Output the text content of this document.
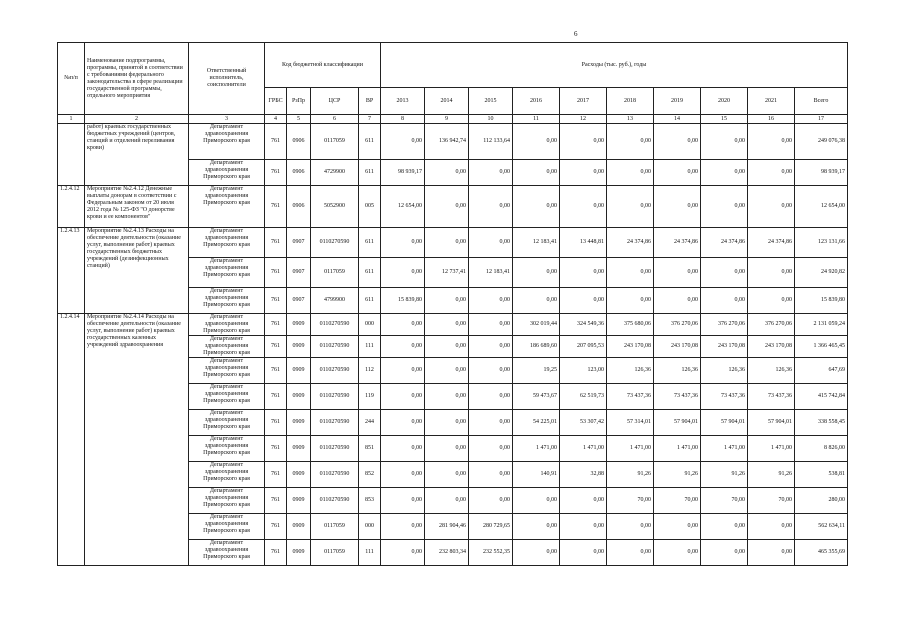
6
№п/п	Наименование подпрограммы, программы, принятой в соответствии с требованиями федерального законодательства в сфере реализации государственной программы, отдельного мероприятия	Ответственный исполнитель, соисполнители	Код бюджетной классификации				Расходы (тыс. руб.), годы									
			ГРБС	РзПр	ЦСР	ВР	2013	2014	2015	2016	2017	2018	2019	2020	2021	Всего
1	2	3	4	5	6	7	8	9	10	11	12	13	14	15	16	17
	работ) краевых государственных бюджетных учреждений (центров, станций и отделений переливания крови)	Департамент здравоохранения Приморского края	761	0906	0117059	611	0,00	136 942,74	112 133,64	0,00	0,00	0,00	0,00	0,00	0,00	249 076,38
		Департамент здравоохранения Приморского края	761	0906	4729900	611	98 939,17	0,00	0,00	0,00	0,00	0,00	0,00	0,00	0,00	98 939,17
1.2.4.12	Мероприятие №2.4.12 Денежные выплаты донорам в соответствии с Федеральным законом от 20 июля 2012 года № 125-ФЗ "О донорстве крови и ее компонентов"	Департамент здравоохранения Приморского края	761	0906	5052900	005	12 654,00	0,00	0,00	0,00	0,00	0,00	0,00	0,00	0,00	12 654,00
1.2.4.13	Мероприятие №2.4.13 Расходы на обеспечение деятельности (оказание услуг, выполнение работ) краевых государственных бюджетных учреждений (дезинфекционных станций)	Департамент здравоохранения Приморского края	761	0907	0110270590	611	0,00	0,00	0,00	12 183,41	13 448,81	24 374,86	24 374,86	24 374,86	24 374,86	123 131,66
		Департамент здравоохранения Приморского края	761	0907	0117059	611	0,00	12 737,41	12 183,41	0,00	0,00	0,00	0,00	0,00	0,00	24 920,82
		Департамент здравоохранения Приморского края	761	0907	4799900	611	15 839,80	0,00	0,00	0,00	0,00	0,00	0,00	0,00	0,00	15 839,80
1.2.4.14	Мероприятие №2.4.14 Расходы на обеспечение деятельности (оказание услуг, выполнение работ) краевых государственных казенных учреждений здравоохранения	Департамент здравоохранения Приморского края	761	0909	0110270590	000	0,00	0,00	0,00	302 019,44	324 549,36	375 680,06	376 270,06	376 270,06	376 270,06	2 131 059,24
		Департамент здравоохранения Приморского края	761	0909	0110270590	111	0,00	0,00	0,00	186 689,60	207 095,53	243 170,08	243 170,08	243 170,08	243 170,08	1 366 465,45
		Департамент здравоохранения Приморского края	761	0909	0110270590	112	0,00	0,00	0,00	19,25	123,00	126,36	126,36	126,36	126,36	647,69
		Департамент здравоохранения Приморского края	761	0909	0110270590	119	0,00	0,00	0,00	59 473,67	62 519,73	73 437,36	73 437,36	73 437,36	73 437,36	415 742,84
		Департамент здравоохранения Приморского края	761	0909	0110270590	244	0,00	0,00	0,00	54 225,01	53 307,42	57 314,01	57 904,01	57 904,01	57 904,01	338 558,45
		Департамент здравоохранения Приморского края	761	0909	0110270590	851	0,00	0,00	0,00	1 471,00	1 471,00	1 471,00	1 471,00	1 471,00	1 471,00	8 826,00
		Департамент здравоохранения Приморского края	761	0909	0110270590	852	0,00	0,00	0,00	140,91	32,88	91,26	91,26	91,26	91,26	538,81
		Департамент здравоохранения Приморского края	761	0909	0110270590	853	0,00	0,00	0,00	0,00	0,00	70,00	70,00	70,00	70,00	280,00
		Департамент здравоохранения Приморского края	761	0909	0117059	000	0,00	281 904,46	280 729,65	0,00	0,00	0,00	0,00	0,00	0,00	562 634,11
		Департамент здравоохранения Приморского края	761	0909	0117059	111	0,00	232 803,34	232 552,35	0,00	0,00	0,00	0,00	0,00	0,00	465 355,69
